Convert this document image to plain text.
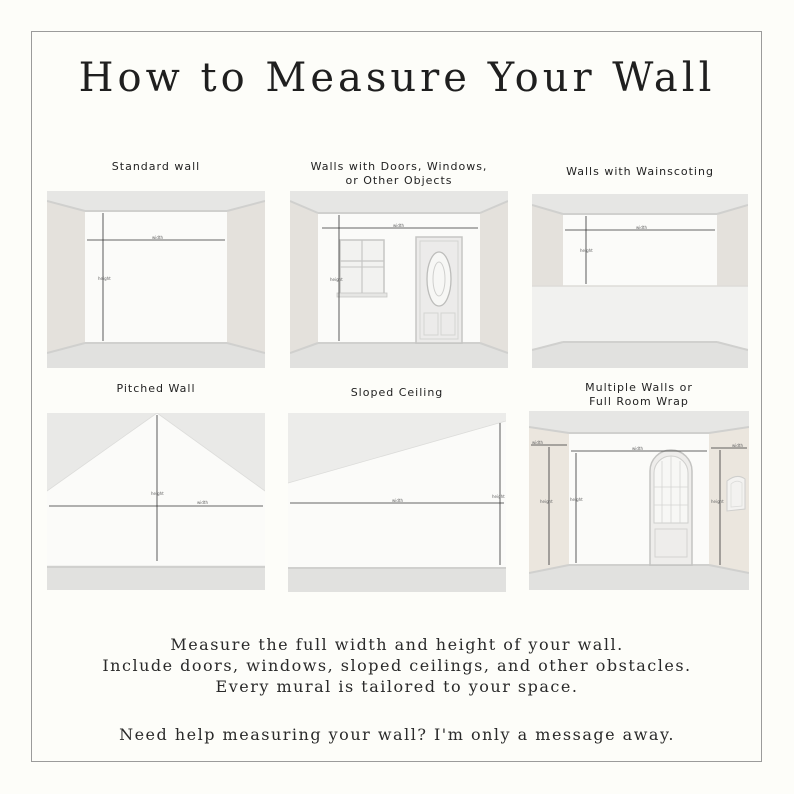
How to Measure Your Wall
Standard wall	Walls with Doors, Windows,
or Other Objects
Walls with Wainscoting
Pitched Wall	Sloped Ceiling	Multiple Walls or
Full Room Wrap
width
height
width
height
width
height
width
height
width
height
width
width
width
height	height	height
Measure the full width and height of your wall.
Include doors, windows, sloped ceilings, and other obstacles.
Every mural is tailored to your space.
Need help measuring your wall? I'm only a message away.
